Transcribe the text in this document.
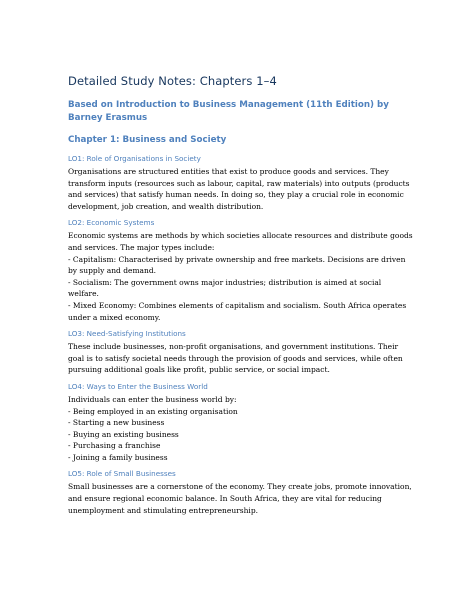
Detailed Study Notes: Chapters 1–4
Based on Introduction to Business Management (11th Edition) by Barney Erasmus
Chapter 1: Business and Society
LO1: Role of Organisations in Society

Organisations are structured entities that exist to produce goods and services. They transform inputs (resources such as labour, capital, raw materials) into outputs (products and services) that satisfy human needs. In doing so, they play a crucial role in economic development, job creation, and wealth distribution.

LO2: Economic Systems

Economic systems are methods by which societies allocate resources and distribute goods and services. The major types include:

- Capitalism: Characterised by private ownership and free markets. Decisions are driven by supply and demand.
- Socialism: The government owns major industries; distribution is aimed at social welfare.
- Mixed Economy: Combines elements of capitalism and socialism. South Africa operates under a mixed economy.
LO3: Need-Satisfying Institutions

These include businesses, non-profit organisations, and government institutions. Their goal is to satisfy societal needs through the provision of goods and services, while often pursuing additional goals like profit, public service, or social impact.

LO4: Ways to Enter the Business World

Individuals can enter the business world by:

- Being employed in an existing organisation
- Starting a new business
- Buying an existing business
- Purchasing a franchise
- Joining a family business
LO5: Role of Small Businesses

Small businesses are a cornerstone of the economy. They create jobs, promote innovation, and ensure regional economic balance. In South Africa, they are vital for reducing unemployment and stimulating entrepreneurship.
